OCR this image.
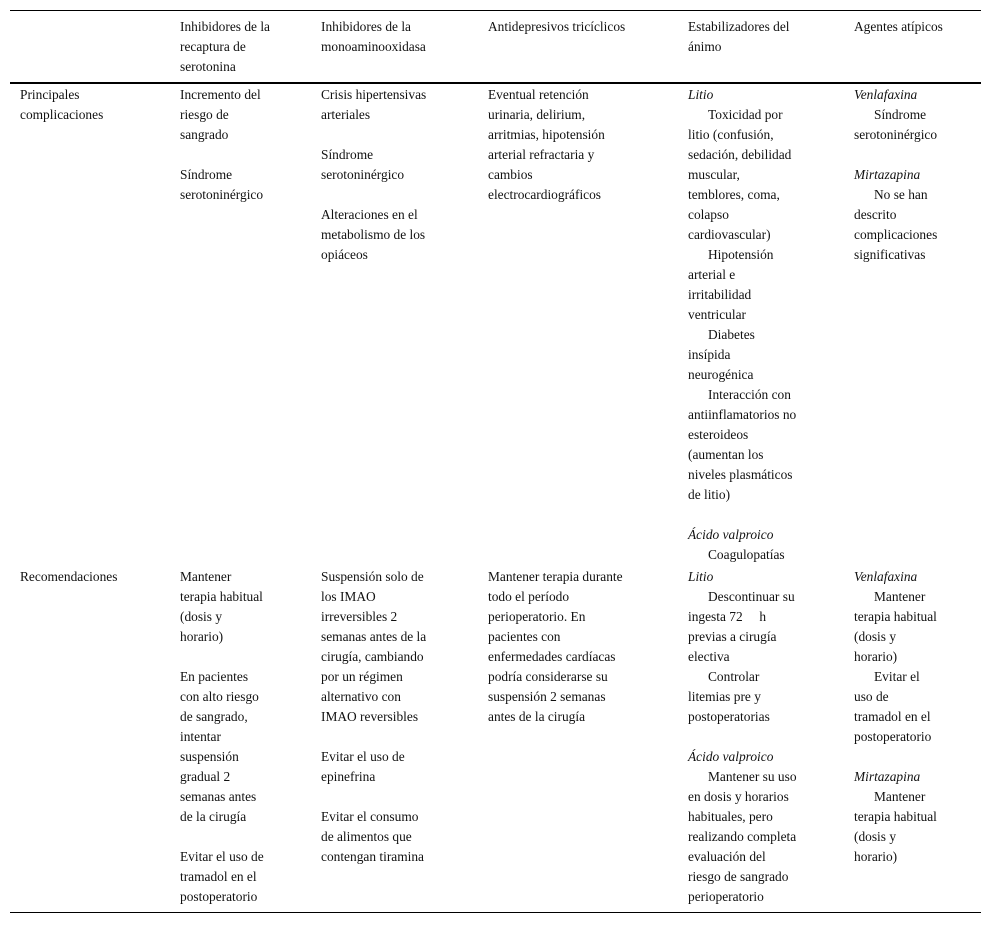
Inhibidores de la
recaptura de
serotonina
Inhibidores de la
monoaminooxidasa
Antidepresivos tricíclicos	Estabilizadores del
ánimo
Agentes atípicos
Principales
complicaciones
Incremento del
riesgo de
sangrado
Síndrome
serotoninérgico
Crisis hipertensivas
arteriales
Síndrome
serotoninérgico
Alteraciones en el
metabolismo de los
opiáceos
Eventual retención
urinaria, delirium,
arritmias, hipotensión
arterial refractaria y
cambios
electrocardiográficos
Litio
Toxicidad por
litio (confusión,
sedación, debilidad
muscular,
temblores, coma,
colapso
cardiovascular)
Hipotensión
arterial e
irritabilidad
ventricular
Diabetes
insípida
neurogénica
Interacción con
antiinflamatorios no
esteroideos
(aumentan los
niveles plasmáticos
de litio)
Ácido valproico
Coagulopatías
Venlafaxina
Síndrome
serotoninérgico
Mirtazapina
No se han
descrito
complicaciones
significativas
Recomendaciones	Mantener
terapia habitual
(dosis y
horario)
En pacientes
con alto riesgo
de sangrado,
intentar
suspensión
gradual 2
semanas antes
de la cirugía
Evitar el uso de
tramadol en el
postoperatorio
Suspensión solo de
los IMAO
irreversibles 2
semanas antes de la
cirugía, cambiando
por un régimen
alternativo con
IMAO reversibles
Evitar el uso de
epinefrina
Evitar el consumo
de alimentos que
contengan tiramina
Mantener terapia durante
todo el período
perioperatorio. En
pacientes con
enfermedades cardíacas
podría considerarse su
suspensión 2 semanas
antes de la cirugía
Litio
Descontinuar su
ingesta 72     h
previas a cirugía
electiva
Controlar
litemias pre y
postoperatorias
Ácido valproico
Mantener su uso
en dosis y horarios
habituales, pero
realizando completa
evaluación del
riesgo de sangrado
perioperatorio
Venlafaxina
Mantener
terapia habitual
(dosis y
horario)
Evitar el
uso de
tramadol en el
postoperatorio
Mirtazapina
Mantener
terapia habitual
(dosis y
horario)
